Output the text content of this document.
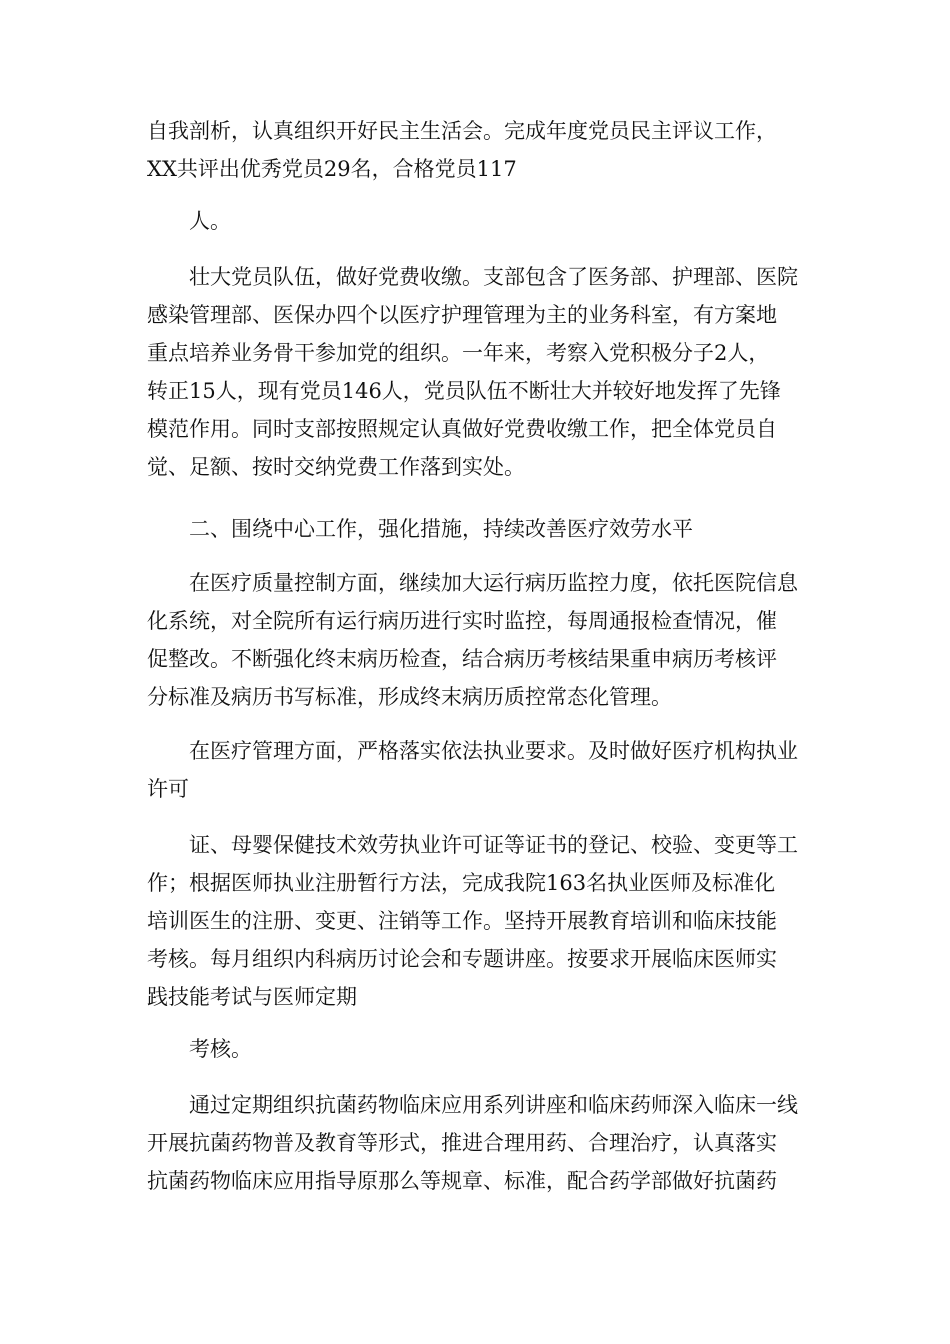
自我剖析，认真组织开好民主生活会。完成年度党员民主评议工作，
XX共评出优秀党员29名，合格党员117

　　人。

　　壮大党员队伍，做好党费收缴。支部包含了医务部、护理部、医院
感染管理部、医保办四个以医疗护理管理为主的业务科室，有方案地
重点培养业务骨干参加党的组织。一年来，考察入党积极分子2人，
转正15人，现有党员146人，党员队伍不断壮大并较好地发挥了先锋
模范作用。同时支部按照规定认真做好党费收缴工作，把全体党员自
觉、足额、按时交纳党费工作落到实处。

　　二、围绕中心工作，强化措施，持续改善医疗效劳水平

　　在医疗质量控制方面，继续加大运行病历监控力度，依托医院信息
化系统，对全院所有运行病历进行实时监控，每周通报检查情况，催
促整改。不断强化终末病历检查，结合病历考核结果重申病历考核评
分标准及病历书写标准，形成终末病历质控常态化管理。

　　在医疗管理方面，严格落实依法执业要求。及时做好医疗机构执业
许可

　　证、母婴保健技术效劳执业许可证等证书的登记、校验、变更等工
作；根据医师执业注册暂行方法，完成我院163名执业医师及标准化
培训医生的注册、变更、注销等工作。坚持开展教育培训和临床技能
考核。每月组织内科病历讨论会和专题讲座。按要求开展临床医师实
践技能考试与医师定期

　　考核。

　　通过定期组织抗菌药物临床应用系列讲座和临床药师深入临床一线
开展抗菌药物普及教育等形式，推进合理用药、合理治疗，认真落实
抗菌药物临床应用指导原那么等规章、标准，配合药学部做好抗菌药
